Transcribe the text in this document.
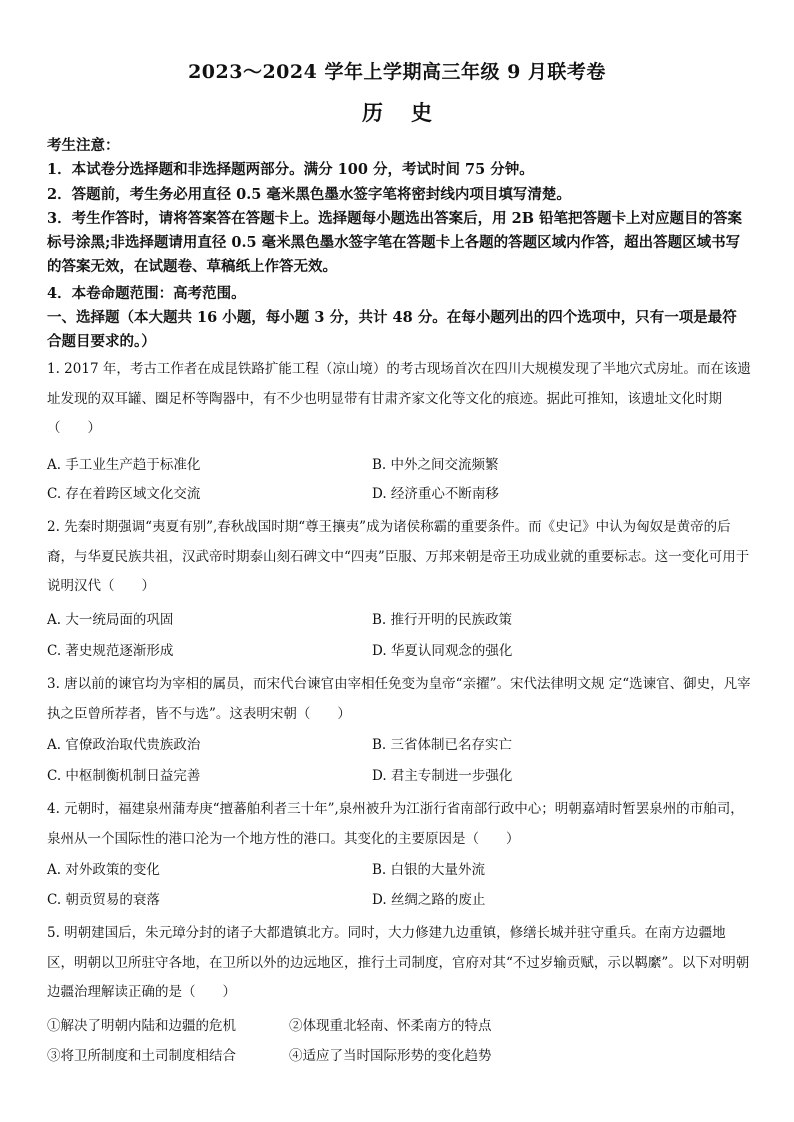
2023～2024 学年上学期高三年级 9 月联考卷
历史
考生注意：
1．本试卷分选择题和非选择题两部分。满分 100 分，考试时间 75 分钟。
2．答题前，考生务必用直径 0.5 毫米黑色墨水签字笔将密封线内项目填写清楚。
3．考生作答时，请将答案答在答题卡上。选择题每小题选出答案后，用 2B 铅笔把答题卡上对应题目的答案标号涂黑;非选择题请用直径 0.5 毫米黑色墨水签字笔在答题卡上各题的答题区域内作答，超出答题区域书写的答案无效，在试题卷、草稿纸上作答无效。
4．本卷命题范围：高考范围。
一、选择题（本大题共 16 小题，每小题 3 分，共计 48 分。在每小题列出的四个选项中，只有一项是最符合题目要求的。）
1. 2017 年，考古工作者在成昆铁路扩能工程（凉山境）的考古现场首次在四川大规模发现了半地穴式房址。而在该遗址发现的双耳罐、圈足杯等陶器中，有不少也明显带有甘肃齐家文化等文化的痕迹。据此可推知，该遗址文化时期（　　）
A. 手工业生产趋于标准化	B. 中外之间交流频繁
C. 存在着跨区域文化交流	D. 经济重心不断南移
2. 先秦时期强调“夷夏有别”,春秋战国时期“尊王攘夷”成为诸侯称霸的重要条件。而《史记》中认为匈奴是黄帝的后裔，与华夏民族共祖，汉武帝时期泰山刻石碑文中“四夷”臣服、万邦来朝是帝王功成业就的重要标志。这一变化可用于说明汉代（　　）
A. 大一统局面的巩固	B. 推行开明的民族政策
C. 著史规范逐渐形成	D. 华夏认同观念的强化
3. 唐以前的谏官均为宰相的属员，而宋代台谏官由宰相任免变为皇帝“亲擢”。宋代法律明文规 定“选谏官、御史，凡宰执之臣曾所荐者，皆不与选”。这表明宋朝（　　）
A. 官僚政治取代贵族政治	B. 三省体制已名存实亡
C. 中枢制衡机制日益完善	D. 君主专制进一步强化
4. 元朝时，福建泉州蒲寿庚“擅蕃舶利者三十年”,泉州被升为江浙行省南部行政中心；明朝嘉靖时暂罢泉州的市舶司，泉州从一个国际性的港口沦为一个地方性的港口。其变化的主要原因是（　　）
A. 对外政策的变化	B. 白银的大量外流
C. 朝贡贸易的衰落	D. 丝绸之路的废止
5. 明朝建国后，朱元璋分封的诸子大都遣镇北方。同时，大力修建九边重镇，修缮长城并驻守重兵。在南方边疆地区，明朝以卫所驻守各地，在卫所以外的边远地区，推行土司制度，官府对其“不过岁输贡赋，示以羁縻”。以下对明朝边疆治理解读正确的是（　　）
①解决了明朝内陆和边疆的危机	②体现重北轻南、怀柔南方的特点
③将卫所制度和土司制度相结合	④适应了当时国际形势的变化趋势
